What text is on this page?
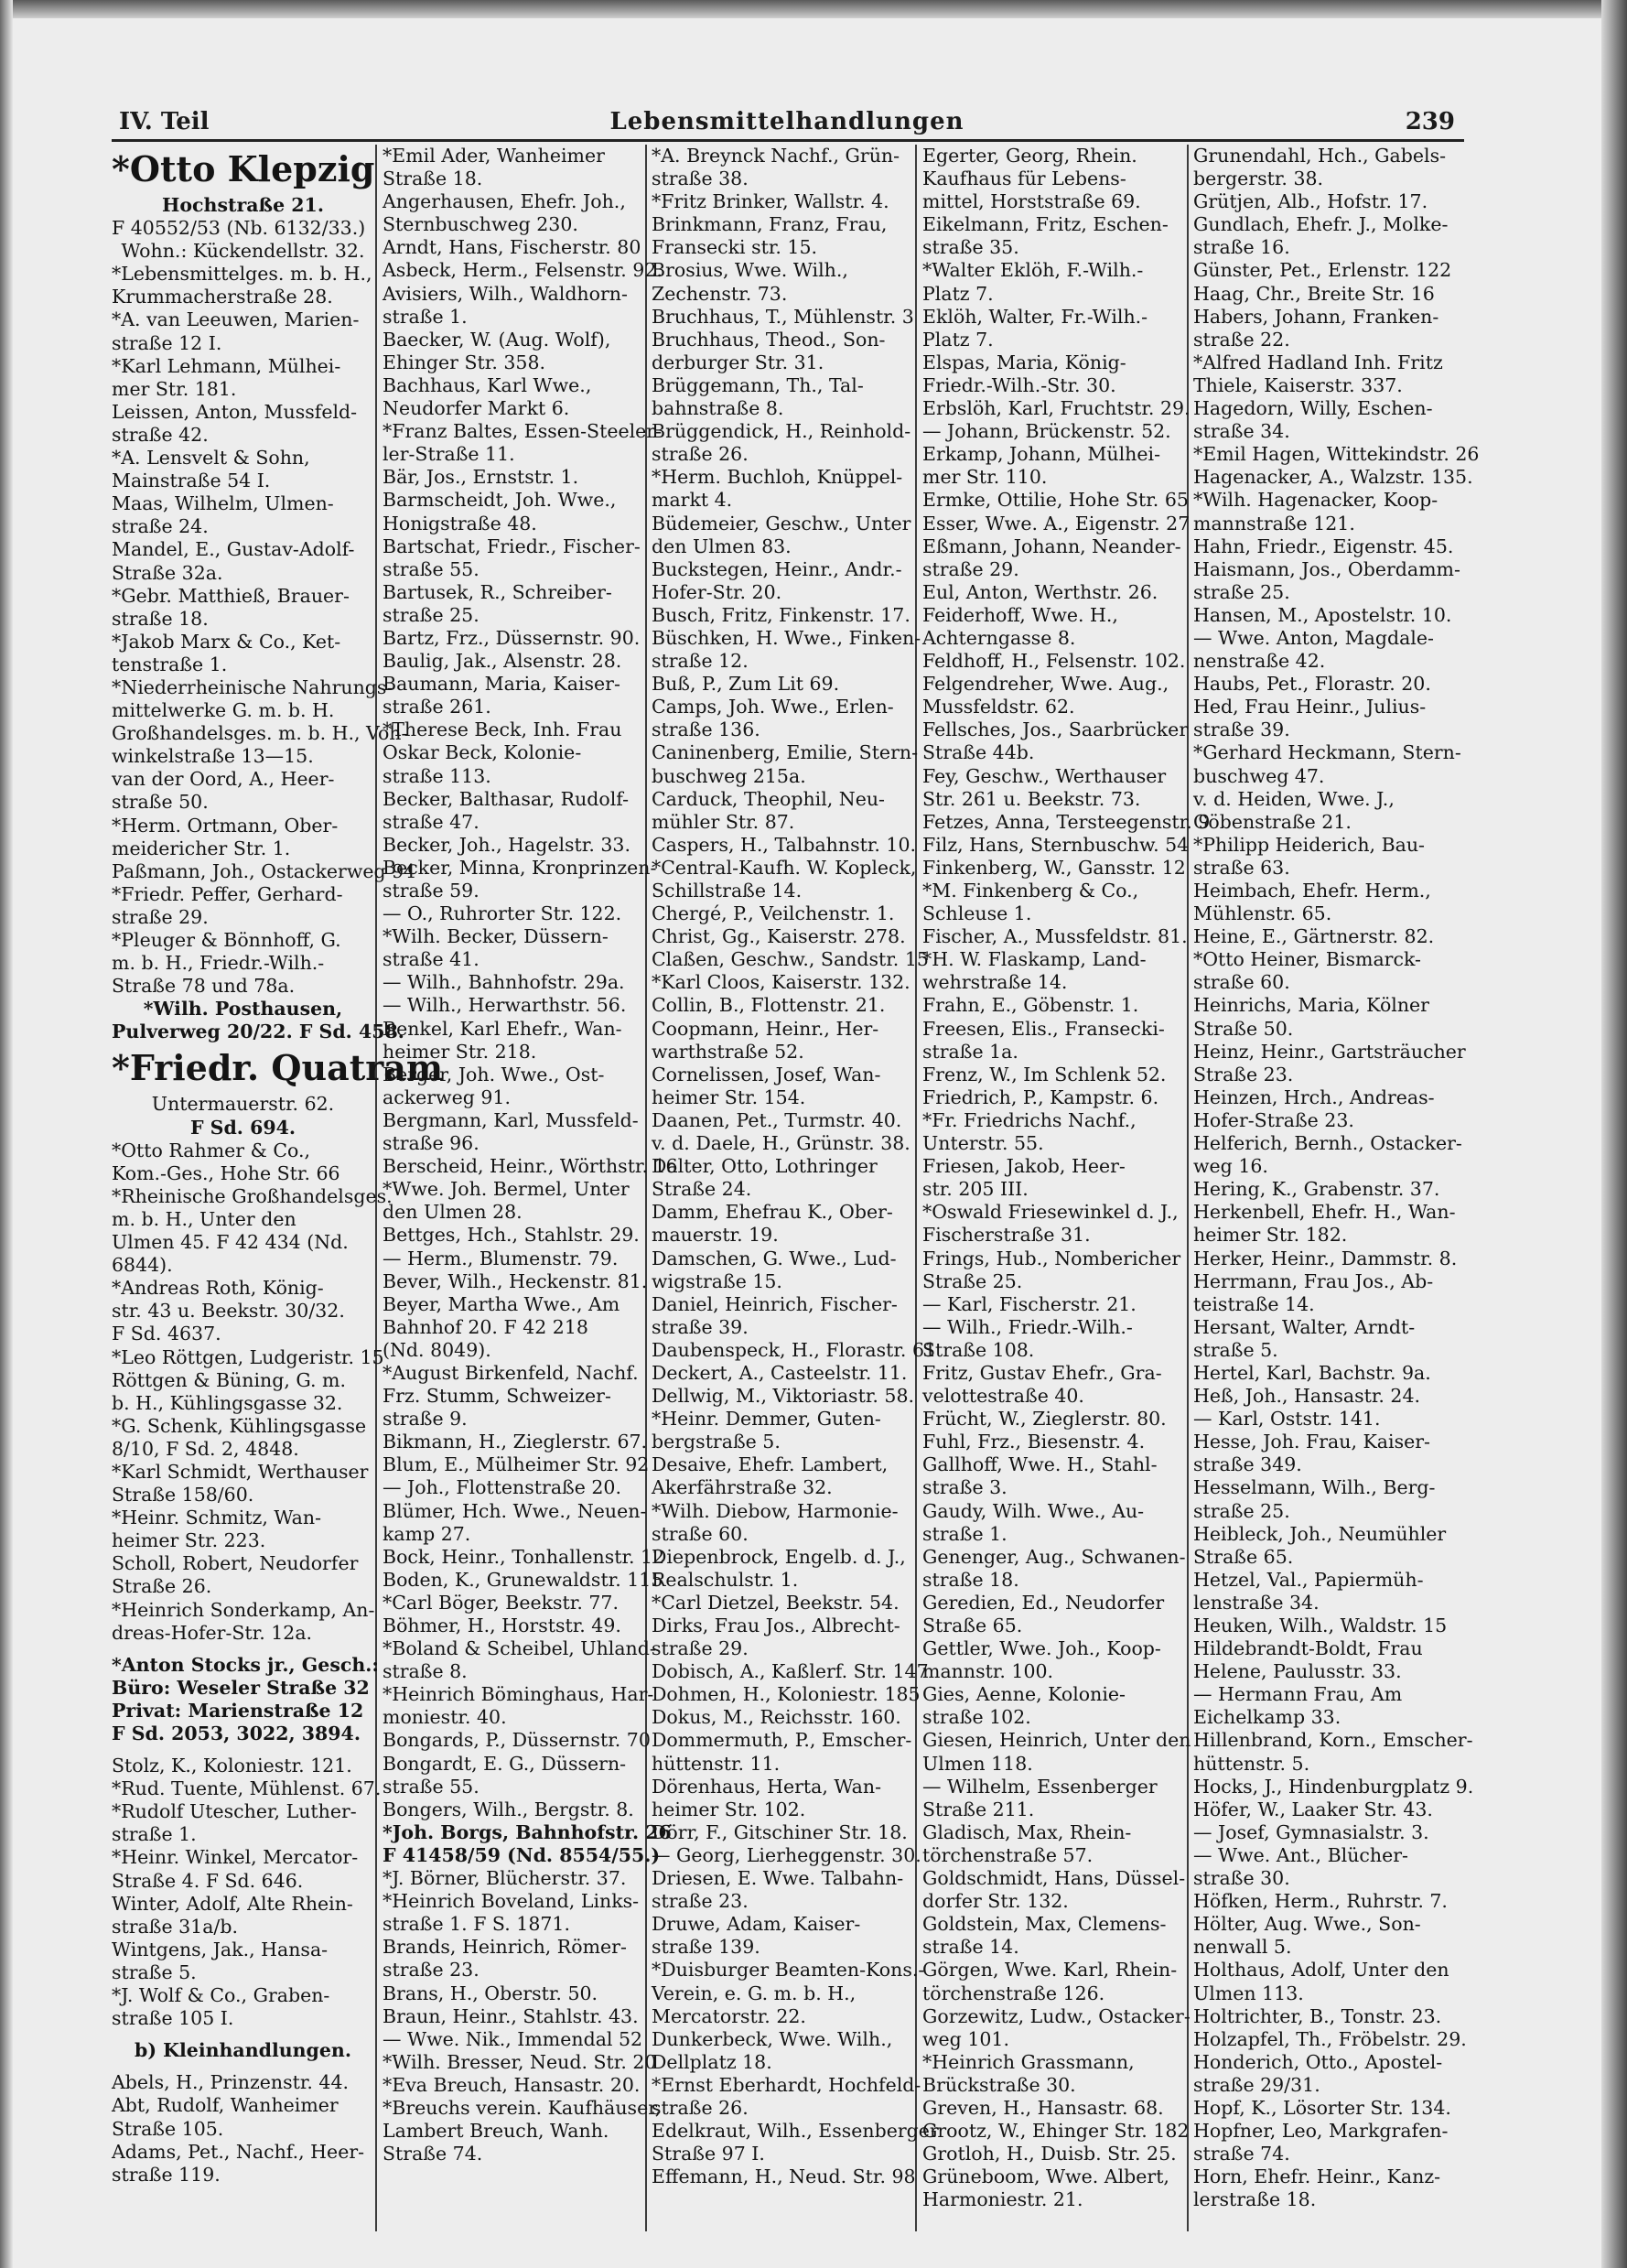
IV. Teil	Lebensmittelhandlungen	239
*Otto Klepzig
Hochstraße 21.
F 40552/53 (Nb. 6132/33.)
Wohn.: Kückendellstr. 32.
*Lebensmittelges. m. b. H.,
Krummacherstraße 28.
*A. van Leeuwen, Marien-
straße 12 I.
*Karl Lehmann, Mülhei-
mer Str. 181.
Leissen, Anton, Mussfeld-
straße 42.
*A. Lensvelt & Sohn,
Mainstraße 54 I.
Maas, Wilhelm, Ulmen-
straße 24.
Mandel, E., Gustav-Adolf-
Straße 32a.
*Gebr. Matthieß, Brauer-
straße 18.
*Jakob Marx & Co., Ket-
tenstraße 1.
*Niederrheinische Nahrungs-
mittelwerke G. m. b. H.
Großhandelsges. m. b. H., Voh-
winkelstraße 13—15.
van der Oord, A., Heer-
straße 50.
*Herm. Ortmann, Ober-
meidericher Str. 1.
Paßmann, Joh., Ostackerweg 94
*Friedr. Peffer, Gerhard-
straße 29.
*Pleuger & Bönnhoff, G.
m. b. H., Friedr.-Wilh.-
Straße 78 und 78a.
*Wilh. Posthausen,
Pulverweg 20/22. F Sd. 458.
*Friedr. Quatram
Untermauerstr. 62.
F Sd. 694.
*Otto Rahmer & Co.,
Kom.-Ges., Hohe Str. 66
*Rheinische Großhandelsges.
m. b. H., Unter den
Ulmen 45. F 42 434 (Nd.
6844).
*Andreas Roth, König-
str. 43 u. Beekstr. 30/32.
F Sd. 4637.
*Leo Röttgen, Ludgeristr. 15
Röttgen & Büning, G. m.
b. H., Kühlingsgasse 32.
*G. Schenk, Kühlingsgasse
8/10, F Sd. 2, 4848.
*Karl Schmidt, Werthauser
Straße 158/60.
*Heinr. Schmitz, Wan-
heimer Str. 223.
Scholl, Robert, Neudorfer
Straße 26.
*Heinrich Sonderkamp, An-
dreas-Hofer-Str. 12a.
*Anton Stocks jr., Gesch.:
Büro: Weseler Straße 32
Privat: Marienstraße 12
F Sd. 2053, 3022, 3894.
Stolz, K., Koloniestr. 121.
*Rud. Tuente, Mühlenst. 67.
*Rudolf Utescher, Luther-
straße 1.
*Heinr. Winkel, Mercator-
Straße 4. F Sd. 646.
Winter, Adolf, Alte Rhein-
straße 31a/b.
Wintgens, Jak., Hansa-
straße 5.
*J. Wolf & Co., Graben-
straße 105 I.
b) Kleinhandlungen.
Abels, H., Prinzenstr. 44.
Abt, Rudolf, Wanheimer
Straße 105.
Adams, Pet., Nachf., Heer-
straße 119.
*Emil Ader, Wanheimer
Straße 18.
Angerhausen, Ehefr. Joh.,
Sternbuschweg 230.
Arndt, Hans, Fischerstr. 80
Asbeck, Herm., Felsenstr. 92.
Avisiers, Wilh., Waldhorn-
straße 1.
Baecker, W. (Aug. Wolf),
Ehinger Str. 358.
Bachhaus, Karl Wwe.,
Neudorfer Markt 6.
*Franz Baltes, Essen-Steeler-
ler-Straße 11.
Bär, Jos., Ernststr. 1.
Barmscheidt, Joh. Wwe.,
Honigstraße 48.
Bartschat, Friedr., Fischer-
straße 55.
Bartusek, R., Schreiber-
straße 25.
Bartz, Frz., Düssernstr. 90.
Baulig, Jak., Alsenstr. 28.
Baumann, Maria, Kaiser-
straße 261.
*Therese Beck, Inh. Frau
Oskar Beck, Kolonie-
straße 113.
Becker, Balthasar, Rudolf-
straße 47.
Becker, Joh., Hagelstr. 33.
Becker, Minna, Kronprinzen-
straße 59.
— O., Ruhrorter Str. 122.
*Wilh. Becker, Düssern-
straße 41.
— Wilh., Bahnhofstr. 29a.
— Wilh., Herwarthstr. 56.
Benkel, Karl Ehefr., Wan-
heimer Str. 218.
Berger, Joh. Wwe., Ost-
ackerweg 91.
Bergmann, Karl, Mussfeld-
straße 96.
Berscheid, Heinr., Wörthstr. 16
*Wwe. Joh. Bermel, Unter
den Ulmen 28.
Bettges, Hch., Stahlstr. 29.
— Herm., Blumenstr. 79.
Bever, Wilh., Heckenstr. 81.
Beyer, Martha Wwe., Am
Bahnhof 20. F 42 218
(Nd. 8049).
*August Birkenfeld, Nachf.
Frz. Stumm, Schweizer-
straße 9.
Bikmann, H., Zieglerstr. 67.
Blum, E., Mülheimer Str. 92
— Joh., Flottenstraße 20.
Blümer, Hch. Wwe., Neuen-
kamp 27.
Bock, Heinr., Tonhallenstr. 12
Boden, K., Grunewaldstr. 115
*Carl Böger, Beekstr. 77.
Böhmer, H., Horststr. 49.
*Boland & Scheibel, Uhland-
straße 8.
*Heinrich Böminghaus, Har-
moniestr. 40.
Bongards, P., Düssernstr. 70
Bongardt, E. G., Düssern-
straße 55.
Bongers, Wilh., Bergstr. 8.
*Joh. Borgs, Bahnhofstr. 26
F 41458/59 (Nd. 8554/55.)
*J. Börner, Blücherstr. 37.
*Heinrich Boveland, Links-
straße 1. F S. 1871.
Brands, Heinrich, Römer-
straße 23.
Brans, H., Oberstr. 50.
Braun, Heinr., Stahlstr. 43.
— Wwe. Nik., Immendal 52
*Wilh. Bresser, Neud. Str. 20
*Eva Breuch, Hansastr. 20.
*Breuchs verein. Kaufhäuser,
Lambert Breuch, Wanh.
Straße 74.
*A. Breynck Nachf., Grün-
straße 38.
*Fritz Brinker, Wallstr. 4.
Brinkmann, Franz, Frau,
Fransecki str. 15.
Brosius, Wwe. Wilh.,
Zechenstr. 73.
Bruchhaus, T., Mühlenstr. 3
Bruchhaus, Theod., Son-
derburger Str. 31.
Brüggemann, Th., Tal-
bahnstraße 8.
Brüggendick, H., Reinhold-
straße 26.
*Herm. Buchloh, Knüppel-
markt 4.
Büdemeier, Geschw., Unter
den Ulmen 83.
Buckstegen, Heinr., Andr.-
Hofer-Str. 20.
Busch, Fritz, Finkenstr. 17.
Büschken, H. Wwe., Finken-
straße 12.
Buß, P., Zum Lit 69.
Camps, Joh. Wwe., Erlen-
straße 136.
Caninenberg, Emilie, Stern-
buschweg 215a.
Carduck, Theophil, Neu-
mühler Str. 87.
Caspers, H., Talbahnstr. 10.
*Central-Kaufh. W. Kopleck,
Schillstraße 14.
Chergé, P., Veilchenstr. 1.
Christ, Gg., Kaiserstr. 278.
Claßen, Geschw., Sandstr. 15
*Karl Cloos, Kaiserstr. 132.
Collin, B., Flottenstr. 21.
Coopmann, Heinr., Her-
warthstraße 52.
Cornelissen, Josef, Wan-
heimer Str. 154.
Daanen, Pet., Turmstr. 40.
v. d. Daele, H., Grünstr. 38.
Dalter, Otto, Lothringer
Straße 24.
Damm, Ehefrau K., Ober-
mauerstr. 19.
Damschen, G. Wwe., Lud-
wigstraße 15.
Daniel, Heinrich, Fischer-
straße 39.
Daubenspeck, H., Florastr. 61
Deckert, A., Casteelstr. 11.
Dellwig, M., Viktoriastr. 58.
*Heinr. Demmer, Guten-
bergstraße 5.
Desaive, Ehefr. Lambert,
Akerfährstraße 32.
*Wilh. Diebow, Harmonie-
straße 60.
Diepenbrock, Engelb. d. J.,
Realschulstr. 1.
*Carl Dietzel, Beekstr. 54.
Dirks, Frau Jos., Albrecht-
straße 29.
Dobisch, A., Kaßlerf. Str. 147
Dohmen, H., Koloniestr. 185
Dokus, M., Reichsstr. 160.
Dommermuth, P., Emscher-
hüttenstr. 11.
Dörenhaus, Herta, Wan-
heimer Str. 102.
Dörr, F., Gitschiner Str. 18.
— Georg, Lierheggenstr. 30.
Driesen, E. Wwe. Talbahn-
straße 23.
Druwe, Adam, Kaiser-
straße 139.
*Duisburger Beamten-Kons.-
Verein, e. G. m. b. H.,
Mercatorstr. 22.
Dunkerbeck, Wwe. Wilh.,
Dellplatz 18.
*Ernst Eberhardt, Hochfeld-
straße 26.
Edelkraut, Wilh., Essenberger
Straße 97 I.
Effemann, H., Neud. Str. 98
Egerter, Georg, Rhein.
Kaufhaus für Lebens-
mittel, Horststraße 69.
Eikelmann, Fritz, Eschen-
straße 35.
*Walter Eklöh, F.-Wilh.-
Platz 7.
Eklöh, Walter, Fr.-Wilh.-
Platz 7.
Elspas, Maria, König-
Friedr.-Wilh.-Str. 30.
Erbslöh, Karl, Fruchtstr. 29.
— Johann, Brückenstr. 52.
Erkamp, Johann, Mülhei-
mer Str. 110.
Ermke, Ottilie, Hohe Str. 65
Esser, Wwe. A., Eigenstr. 27
Eßmann, Johann, Neander-
straße 29.
Eul, Anton, Werthstr. 26.
Feiderhoff, Wwe. H.,
Achterngasse 8.
Feldhoff, H., Felsenstr. 102.
Felgendreher, Wwe. Aug.,
Mussfeldstr. 62.
Fellsches, Jos., Saarbrücker
Straße 44b.
Fey, Geschw., Werthauser
Str. 261 u. Beekstr. 73.
Fetzes, Anna, Tersteegenstr. 9
Filz, Hans, Sternbuschw. 54
Finkenberg, W., Gansstr. 12
*M. Finkenberg & Co.,
Schleuse 1.
Fischer, A., Mussfeldstr. 81.
*H. W. Flaskamp, Land-
wehrstraße 14.
Frahn, E., Göbenstr. 1.
Freesen, Elis., Fransecki-
straße 1a.
Frenz, W., Im Schlenk 52.
Friedrich, P., Kampstr. 6.
*Fr. Friedrichs Nachf.,
Unterstr. 55.
Friesen, Jakob, Heer-
str. 205 III.
*Oswald Friesewinkel d. J.,
Fischerstraße 31.
Frings, Hub., Nombericher
Straße 25.
— Karl, Fischerstr. 21.
— Wilh., Friedr.-Wilh.-
Straße 108.
Fritz, Gustav Ehefr., Gra-
velottestraße 40.
Frücht, W., Zieglerstr. 80.
Fuhl, Frz., Biesenstr. 4.
Gallhoff, Wwe. H., Stahl-
straße 3.
Gaudy, Wilh. Wwe., Au-
straße 1.
Genenger, Aug., Schwanen-
straße 18.
Geredien, Ed., Neudorfer
Straße 65.
Gettler, Wwe. Joh., Koop-
mannstr. 100.
Gies, Aenne, Kolonie-
straße 102.
Giesen, Heinrich, Unter den
Ulmen 118.
— Wilhelm, Essenberger
Straße 211.
Gladisch, Max, Rhein-
törchenstraße 57.
Goldschmidt, Hans, Düssel-
dorfer Str. 132.
Goldstein, Max, Clemens-
straße 14.
Görgen, Wwe. Karl, Rhein-
törchenstraße 126.
Gorzewitz, Ludw., Ostacker-
weg 101.
*Heinrich Grassmann,
Brückstraße 30.
Greven, H., Hansastr. 68.
Grootz, W., Ehinger Str. 182
Grotloh, H., Duisb. Str. 25.
Grüneboom, Wwe. Albert,
Harmoniestr. 21.
Grunendahl, Hch., Gabels-
bergerstr. 38.
Grütjen, Alb., Hofstr. 17.
Gundlach, Ehefr. J., Molke-
straße 16.
Günster, Pet., Erlenstr. 122
Haag, Chr., Breite Str. 16
Habers, Johann, Franken-
straße 22.
*Alfred Hadland Inh. Fritz
Thiele, Kaiserstr. 337.
Hagedorn, Willy, Eschen-
straße 34.
*Emil Hagen, Wittekindstr. 26
Hagenacker, A., Walzstr. 135.
*Wilh. Hagenacker, Koop-
mannstraße 121.
Hahn, Friedr., Eigenstr. 45.
Haismann, Jos., Oberdamm-
straße 25.
Hansen, M., Apostelstr. 10.
— Wwe. Anton, Magdale-
nenstraße 42.
Haubs, Pet., Florastr. 20.
Hed, Frau Heinr., Julius-
straße 39.
*Gerhard Heckmann, Stern-
buschweg 47.
v. d. Heiden, Wwe. J.,
Göbenstraße 21.
*Philipp Heiderich, Bau-
straße 63.
Heimbach, Ehefr. Herm.,
Mühlenstr. 65.
Heine, E., Gärtnerstr. 82.
*Otto Heiner, Bismarck-
straße 60.
Heinrichs, Maria, Kölner
Straße 50.
Heinz, Heinr., Gartsträucher
Straße 23.
Heinzen, Hrch., Andreas-
Hofer-Straße 23.
Helferich, Bernh., Ostacker-
weg 16.
Hering, K., Grabenstr. 37.
Herkenbell, Ehefr. H., Wan-
heimer Str. 182.
Herker, Heinr., Dammstr. 8.
Herrmann, Frau Jos., Ab-
teistraße 14.
Hersant, Walter, Arndt-
straße 5.
Hertel, Karl, Bachstr. 9a.
Heß, Joh., Hansastr. 24.
— Karl, Oststr. 141.
Hesse, Joh. Frau, Kaiser-
straße 349.
Hesselmann, Wilh., Berg-
straße 25.
Heibleck, Joh., Neumühler
Straße 65.
Hetzel, Val., Papiermüh-
lenstraße 34.
Heuken, Wilh., Waldstr. 15
Hildebrandt-Boldt, Frau
Helene, Paulusstr. 33.
— Hermann Frau, Am
Eichelkamp 33.
Hillenbrand, Korn., Emscher-
hüttenstr. 5.
Hocks, J., Hindenburgplatz 9.
Höfer, W., Laaker Str. 43.
— Josef, Gymnasialstr. 3.
— Wwe. Ant., Blücher-
straße 30.
Höfken, Herm., Ruhrstr. 7.
Hölter, Aug. Wwe., Son-
nenwall 5.
Holthaus, Adolf, Unter den
Ulmen 113.
Holtrichter, B., Tonstr. 23.
Holzapfel, Th., Fröbelstr. 29.
Honderich, Otto., Apostel-
straße 29/31.
Hopf, K., Lösorter Str. 134.
Hopfner, Leo, Markgrafen-
straße 74.
Horn, Ehefr. Heinr., Kanz-
lerstraße 18.
